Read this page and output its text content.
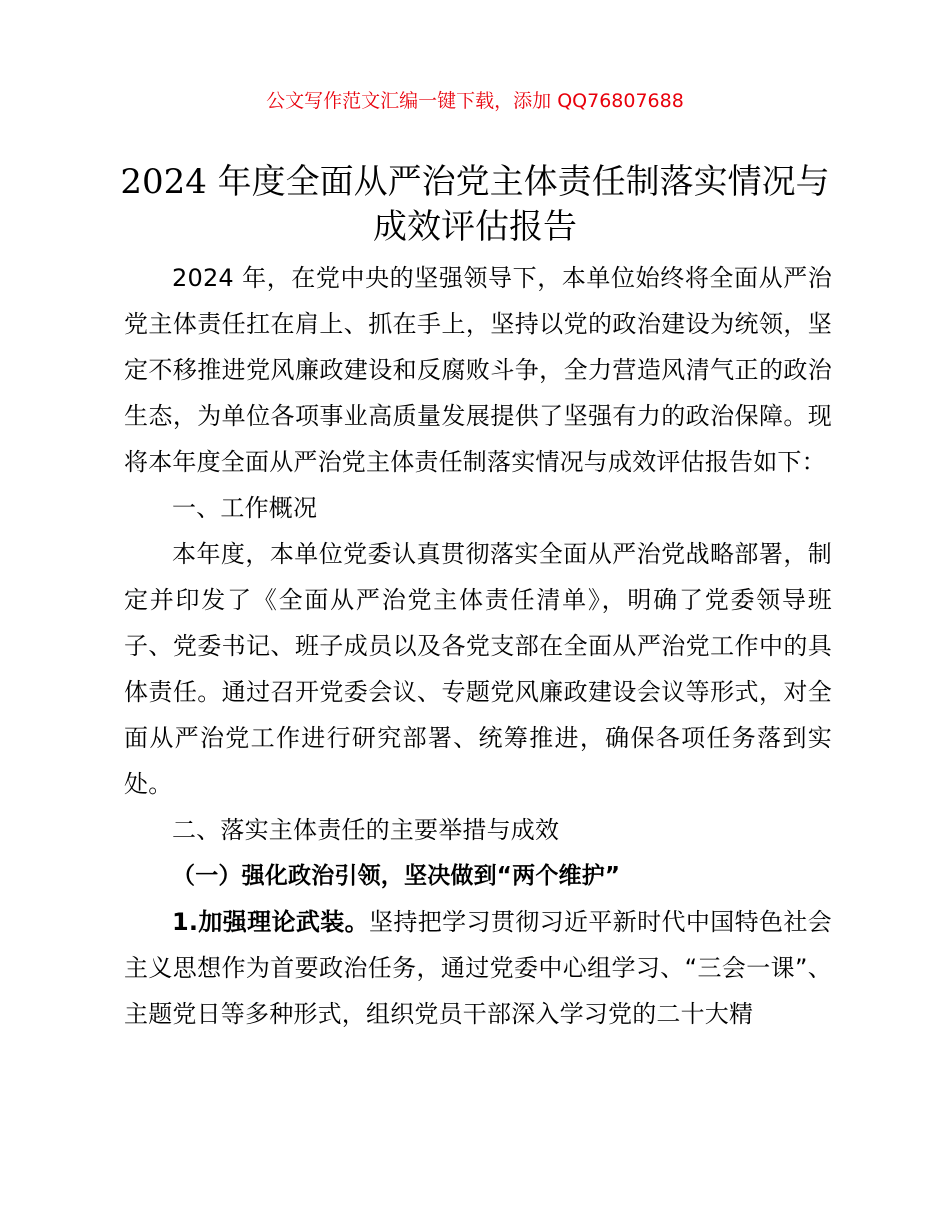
公文写作范文汇编一键下载，添加 QQ76807688
2024 年度全面从严治党主体责任制落实情况与
成效评估报告

2024 年，在党中央的坚强领导下，本单位始终将全面从严治党主体责任扛在肩上、抓在手上，坚持以党的政治建设为统领，坚定不移推进党风廉政建设和反腐败斗争，全力营造风清气正的政治生态，为单位各项事业高质量发展提供了坚强有力的政治保障。现将本年度全面从严治党主体责任制落实情况与成效评估报告如下：

一、工作概况

本年度，本单位党委认真贯彻落实全面从严治党战略部署，制定并印发了《全面从严治党主体责任清单》，明确了党委领导班子、党委书记、班子成员以及各党支部在全面从严治党工作中的具体责任。通过召开党委会议、专题党风廉政建设会议等形式，对全面从严治党工作进行研究部署、统筹推进，确保各项任务落到实处。

二、落实主体责任的主要举措与成效

（一）强化政治引领，坚决做到“两个维护”

1.加强理论武装。坚持把学习贯彻习近平新时代中国特色社会主义思想作为首要政治任务，通过党委中心组学习、“三会一课”、主题党日等多种形式，组织党员干部深入学习党的二十大精
